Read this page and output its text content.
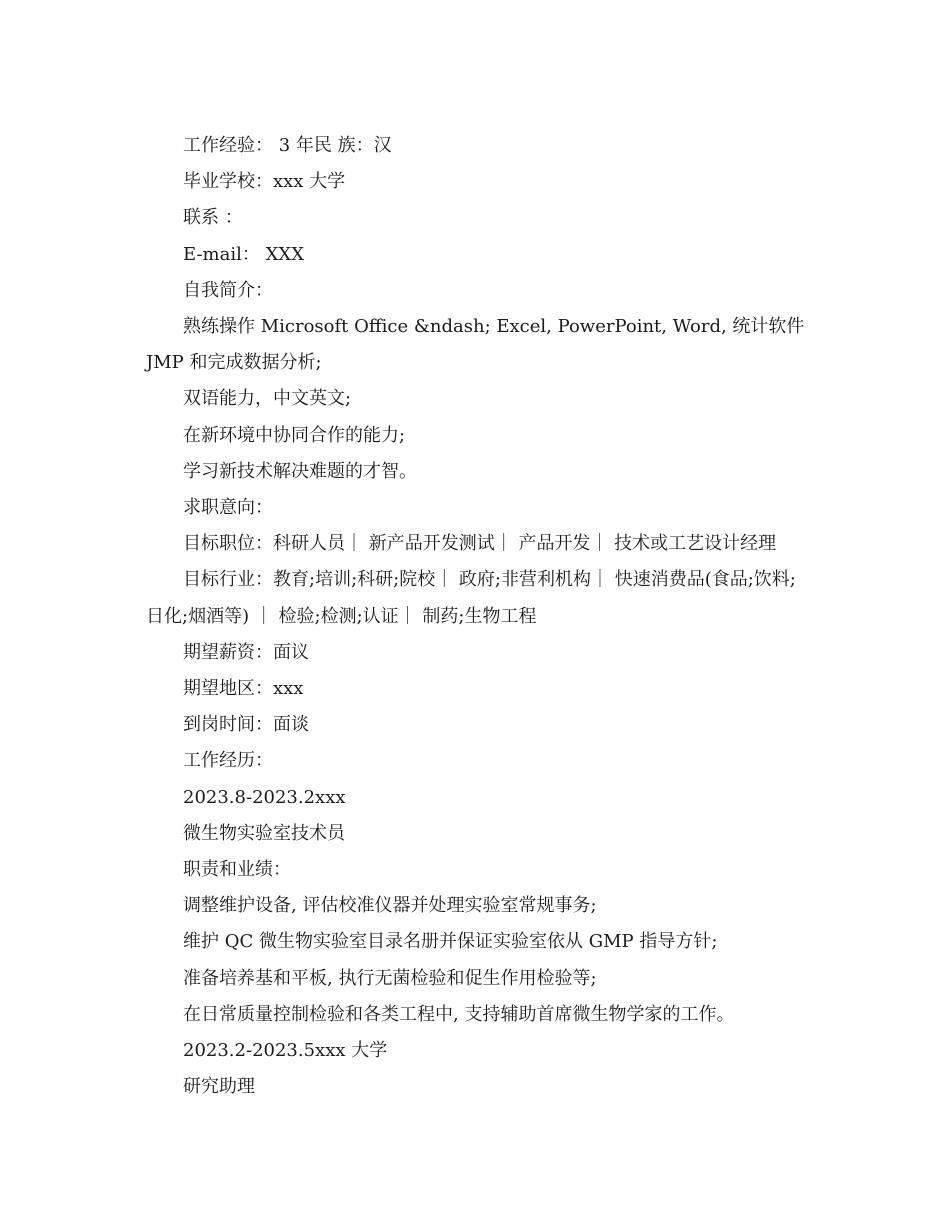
工作经验： 3 年民 族：汉

毕业学校：xxx 大学

联系 ：

E-mail： XXX

自我简介：

熟练操作 Microsoft Office &ndash; Excel, PowerPoint, Word, 统计软件 JMP 和完成数据分析;

双语能力，中文英文;

在新环境中协同合作的能力;

学习新技术解决难题的才智。

求职意向：

目标职位：科研人员｜ 新产品开发测试｜ 产品开发｜ 技术或工艺设计经理

目标行业：教育;培训;科研;院校｜ 政府;非营利机构｜ 快速消费品(食品;饮料;日化;烟酒等) ｜ 检验;检测;认证｜ 制药;生物工程

期望薪资：面议

期望地区：xxx

到岗时间：面谈

工作经历：

2023.8-2023.2xxx

微生物实验室技术员

职责和业绩：

调整维护设备, 评估校准仪器并处理实验室常规事务;

维护 QC 微生物实验室目录名册并保证实验室依从 GMP 指导方针;

准备培养基和平板, 执行无菌检验和促生作用检验等;

在日常质量控制检验和各类工程中, 支持辅助首席微生物学家的工作。

2023.2-2023.5xxx 大学

研究助理
